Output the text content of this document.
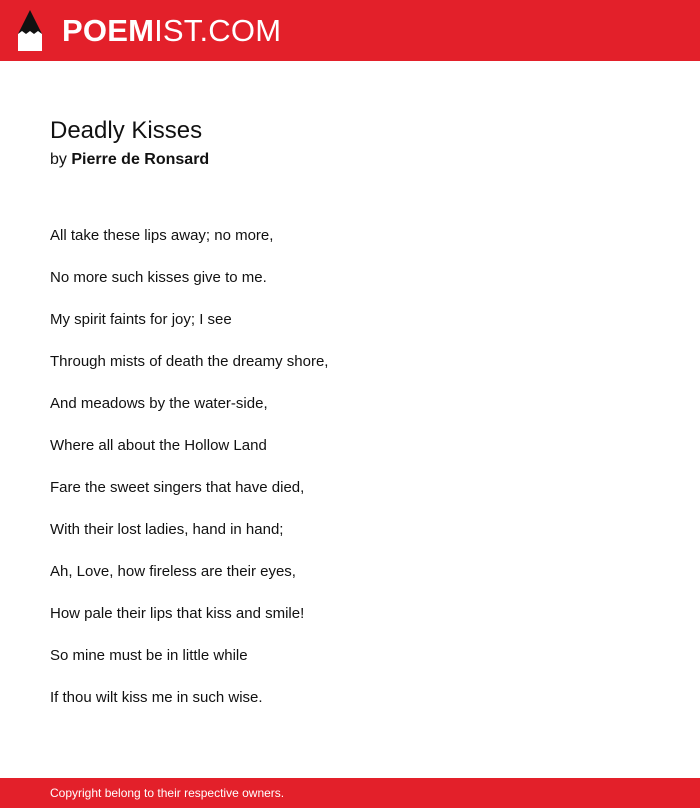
POEMIST.COM
Deadly Kisses
by Pierre de Ronsard
All take these lips away; no more,
No more such kisses give to me.
My spirit faints for joy; I see
Through mists of death the dreamy shore,
And meadows by the water-side,
Where all about the Hollow Land
Fare the sweet singers that have died,
With their lost ladies, hand in hand;
Ah, Love, how fireless are their eyes,
How pale their lips that kiss and smile!
So mine must be in little while
If thou wilt kiss me in such wise.
Copyright belong to their respective owners.
